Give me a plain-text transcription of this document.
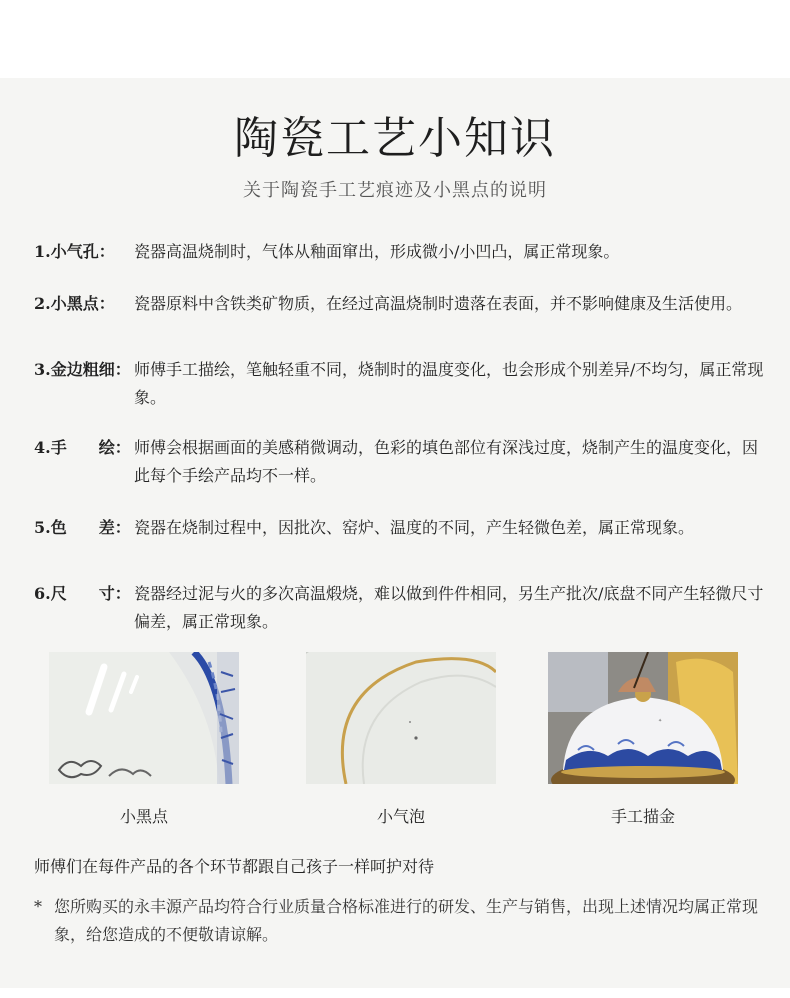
陶瓷工艺小知识
关于陶瓷手工艺痕迹及小黑点的说明
1.小气孔： 瓷器高温烧制时，气体从釉面窜出，形成微小/小凹凸，属正常现象。
2.小黑点： 瓷器原料中含铁类矿物质，在经过高温烧制时遗落在表面，并不影响健康及生活使用。
3.金边粗细： 师傅手工描绘，笔触轻重不同，烧制时的温度变化，也会形成个别差异/不均匀，属正常现象。
4.手　　绘： 师傅会根据画面的美感稍微调动，色彩的填色部位有深浅过度，烧制产生的温度变化，因此每个手绘产品均不一样。
5.色　　差： 瓷器在烧制过程中，因批次、窑炉、温度的不同，产生轻微色差，属正常现象。
6.尺　　寸： 瓷器经过泥与火的多次高温煅烧，难以做到件件相同，另生产批次/底盘不同产生轻微尺寸偏差，属正常现象。
✦
小黑点	小气泡	手工描金
师傅们在每件产品的各个环节都跟自己孩子一样呵护对待
* 您所购买的永丰源产品均符合行业质量合格标准进行的研发、生产与销售，出现上述情况均属正常现象，给您造成的不便敬请谅解。
